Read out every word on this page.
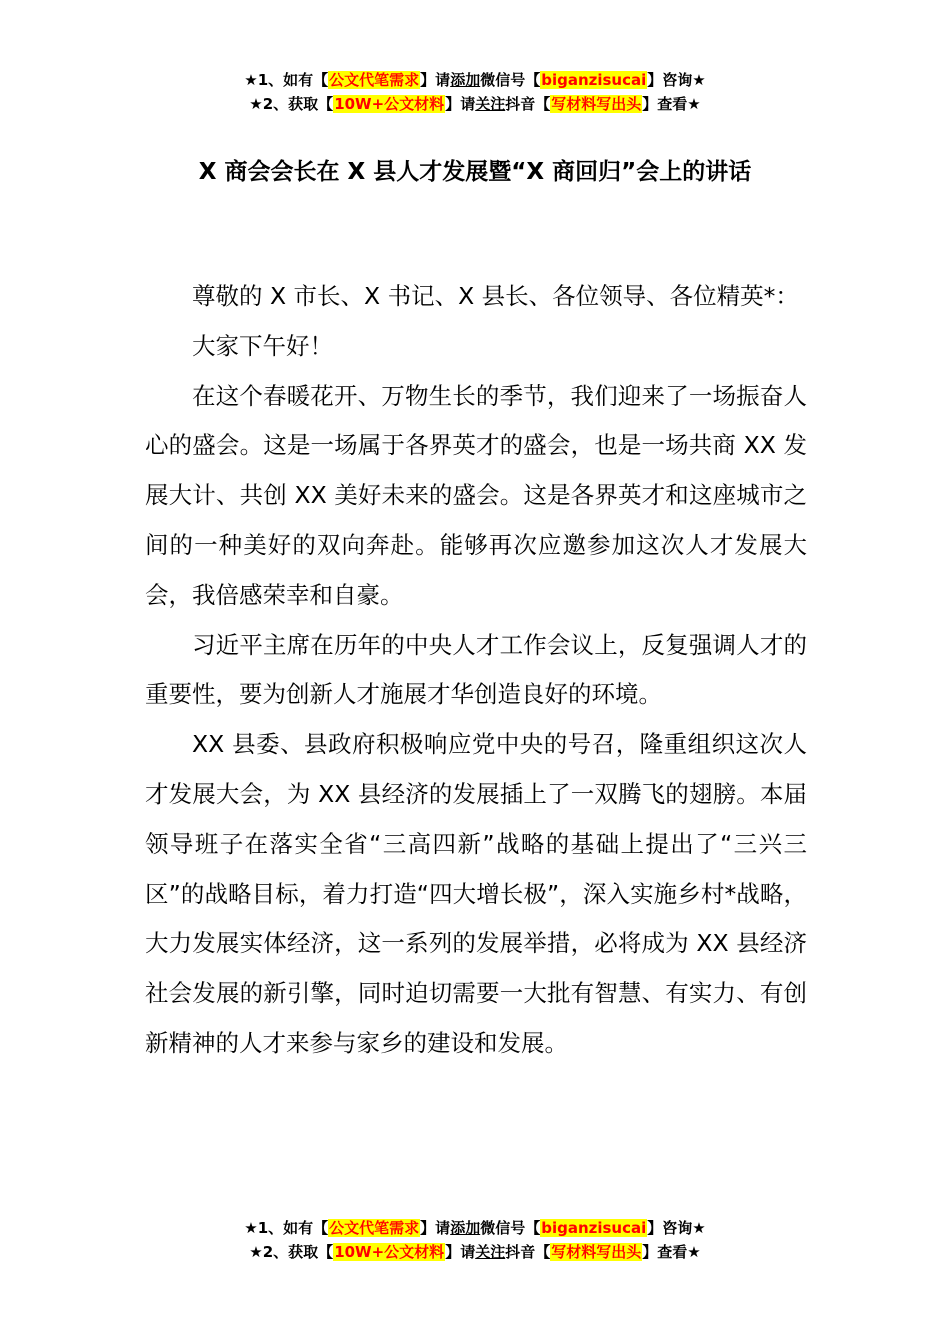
★1、如有【公文代笔需求】请添加微信号【biganzisucai】咨询★
★2、获取【10W+公文材料】请关注抖音【写材料写出头】查看★
X 商会会长在 X 县人才发展暨“X 商回归”会上的讲话

尊敬的 X 市长、X 书记、X 县长、各位领导、各位精英*：

大家下午好！

在这个春暖花开、万物生长的季节，我们迎来了一场振奋人心的盛会。这是一场属于各界英才的盛会，也是一场共商 XX 发展大计、共创 XX 美好未来的盛会。这是各界英才和这座城市之间的一种美好的双向奔赴。能够再次应邀参加这次人才发展大会，我倍感荣幸和自豪。

习近平主席在历年的中央人才工作会议上，反复强调人才的重要性，要为创新人才施展才华创造良好的环境。

XX 县委、县政府积极响应党中央的号召，隆重组织这次人才发展大会，为 XX 县经济的发展插上了一双腾飞的翅膀。本届领导班子在落实全省“三高四新”战略的基础上提出了“三兴三区”的战略目标，着力打造“四大增长极”，深入实施乡村*战略，大力发展实体经济，这一系列的发展举措，必将成为 XX 县经济社会发展的新引擎，同时迫切需要一大批有智慧、有实力、有创新精神的人才来参与家乡的建设和发展。

★1、如有【公文代笔需求】请添加微信号【biganzisucai】咨询★
★2、获取【10W+公文材料】请关注抖音【写材料写出头】查看★
